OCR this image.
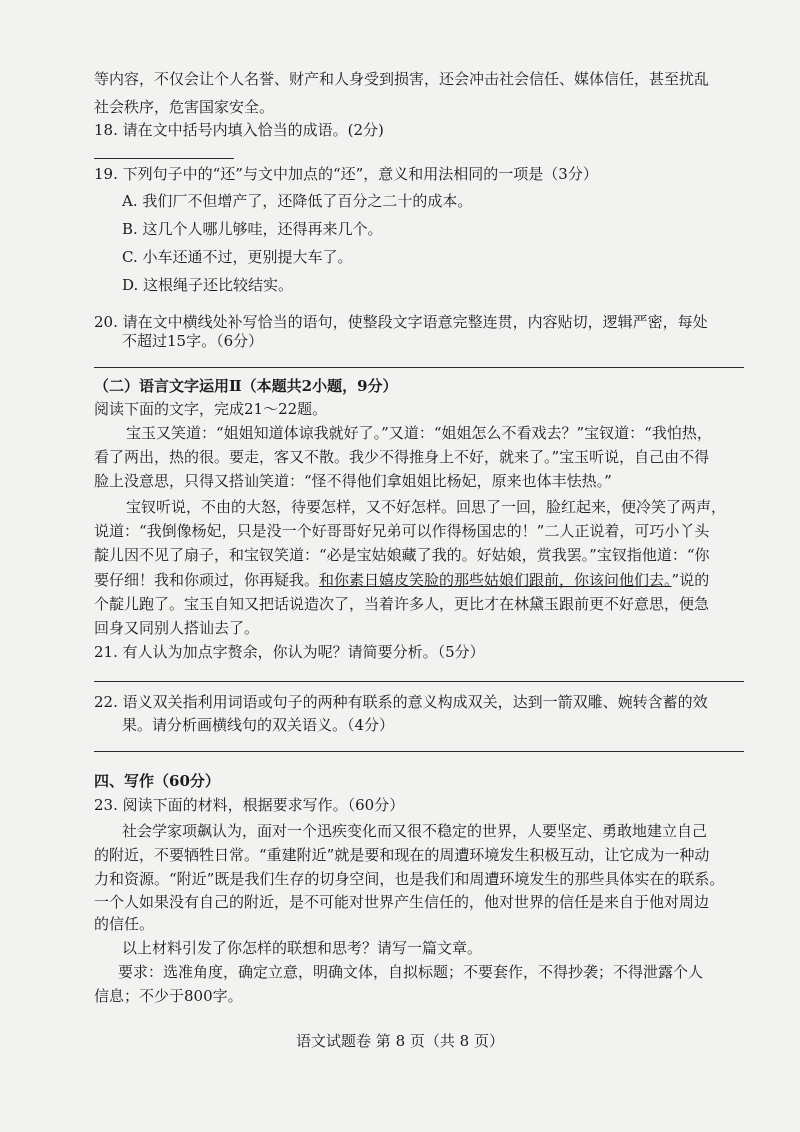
等内容，不仅会让个人名誉、财产和人身受到损害，还会冲击社会信任、媒体信任，甚至扰乱
社会秩序，危害国家安全。
18. 请在文中括号内填入恰当的成语。(2分)
19. 下列句子中的“还”与文中加点的“还”，意义和用法相同的一项是（3分）
A. 我们厂不但增产了，还降低了百分之二十的成本。
B. 这几个人哪儿够哇，还得再来几个。
C. 小车还通不过，更别提大车了。
D. 这根绳子还比较结实。
20. 请在文中横线处补写恰当的语句，使整段文字语意完整连贯，内容贴切，逻辑严密，每处
不超过15字。（6分）
（二）语言文字运用Ⅱ（本题共2小题，9分）
阅读下面的文字，完成21～22题。
宝玉又笑道：“姐姐知道体谅我就好了。”又道：“姐姐怎么不看戏去？”宝钗道：“我怕热，
看了两出，热的很。要走，客又不散。我少不得推身上不好，就来了。”宝玉听说，自己由不得
脸上没意思，只得又搭讪笑道：“怪不得他们拿姐姐比杨妃，原来也体丰怯热。”
宝钗听说，不由的大怒，待要怎样，又不好怎样。回思了一回，脸红起来，便冷笑了两声，
说道：“我倒像杨妃，只是没一个好哥哥好兄弟可以作得杨国忠的！”二人正说着，可巧小丫头
靛儿因不见了扇子，和宝钗笑道：“必是宝姑娘藏了我的。好姑娘，赏我罢。”宝钗指他道：“你
要仔细！我和你顽过，你再疑我。和你素日嬉皮笑脸的那些姑娘们跟前，你该问他们去。”说的
个靛儿跑了。宝玉自知又把话说造次了，当着许多人，更比才在林黛玉跟前更不好意思，便急
回身又同别人搭讪去了。
21. 有人认为加点字赘余，你认为呢？请简要分析。（5分）
22. 语义双关指利用词语或句子的两种有联系的意义构成双关，达到一箭双雕、婉转含蓄的效
果。请分析画横线句的双关语义。（4分）
四、写作（60分）
23. 阅读下面的材料，根据要求写作。（60分）
社会学家项飙认为，面对一个迅疾变化而又很不稳定的世界，人要坚定、勇敢地建立自己
的附近，不要牺牲日常。“重建附近”就是要和现在的周遭环境发生积极互动，让它成为一种动
力和资源。“附近”既是我们生存的切身空间，也是我们和周遭环境发生的那些具体实在的联系。
一个人如果没有自己的附近，是不可能对世界产生信任的，他对世界的信任是来自于他对周边
的信任。
以上材料引发了你怎样的联想和思考？请写一篇文章。
要求：选准角度，确定立意，明确文体，自拟标题；不要套作，不得抄袭；不得泄露个人
信息；不少于800字。
语文试题卷 第 8 页（共 8 页）
